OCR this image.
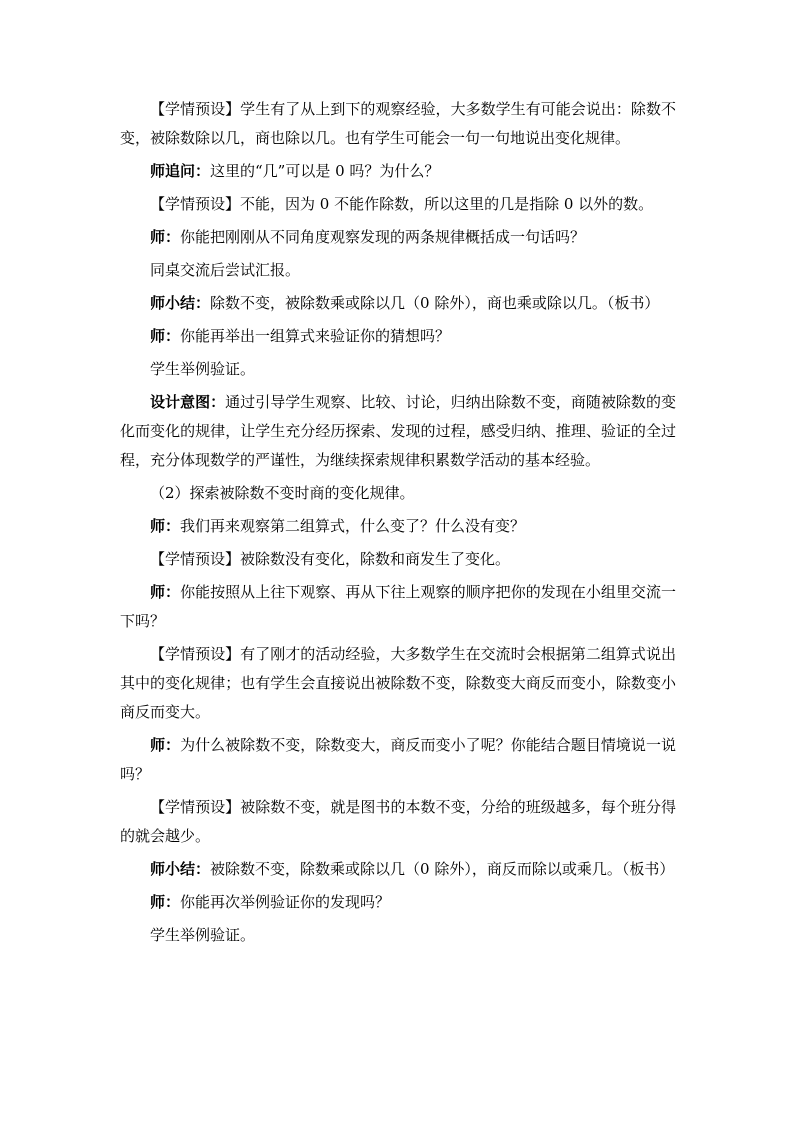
【学情预设】学生有了从上到下的观察经验，大多数学生有可能会说出：除数不变，被除数除以几，商也除以几。也有学生可能会一句一句地说出变化规律。

师追问：这里的“几”可以是 0 吗？为什么？

【学情预设】不能，因为 0 不能作除数，所以这里的几是指除 0 以外的数。

师：你能把刚刚从不同角度观察发现的两条规律概括成一句话吗？

同桌交流后尝试汇报。

师小结：除数不变，被除数乘或除以几（0 除外），商也乘或除以几。（板书）

师：你能再举出一组算式来验证你的猜想吗？

学生举例验证。

设计意图：通过引导学生观察、比较、讨论，归纳出除数不变，商随被除数的变化而变化的规律，让学生充分经历探索、发现的过程，感受归纳、推理、验证的全过程，充分体现数学的严谨性，为继续探索规律积累数学活动的基本经验。

（2）探索被除数不变时商的变化规律。

师：我们再来观察第二组算式，什么变了？什么没有变？

【学情预设】被除数没有变化，除数和商发生了变化。

师：你能按照从上往下观察、再从下往上观察的顺序把你的发现在小组里交流一下吗？

【学情预设】有了刚才的活动经验，大多数学生在交流时会根据第二组算式说出其中的变化规律；也有学生会直接说出被除数不变，除数变大商反而变小，除数变小商反而变大。

师：为什么被除数不变，除数变大，商反而变小了呢？你能结合题目情境说一说吗？

【学情预设】被除数不变，就是图书的本数不变，分给的班级越多，每个班分得的就会越少。

师小结：被除数不变，除数乘或除以几（0 除外），商反而除以或乘几。（板书）

师：你能再次举例验证你的发现吗？

学生举例验证。
